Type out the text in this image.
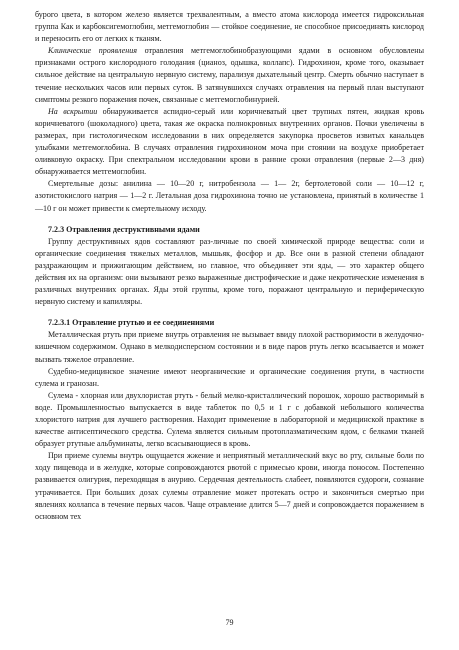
бурого цвета, в котором железо является трехвалентным, а вместо атома кислорода имеется гидроксильная группа Как и карбоксигемоглобин, метгемоглобин — стойкое соединение, не способное присоединять кислород и переносить его от легких к тканям.

Клинические проявления отравления метгемоглобинобразующими ядами в основном обусловлены признаками острого кислородного голодания (цианоз, одышка, коллапс). Гидрохинон, кроме того, оказывает сильное действие на центральную нервную систему, парализуя дыхательный центр. Смерть обычно наступает в течение нескольких часов или первых суток. В затянувшихся случаях отравления на первый план выступают симптомы резкого поражения почек, связанные с метгемоглобинурией.

На вскрытии обнаруживается аспидно-серый или коричневатый цвет трупных пятен, жидкая кровь коричневатого (шоколадного) цвета, такая же окраска полнокровных внутренних органов. Почки увеличены в размерах, при гистологическом исследовании в них определяется закупорка просветов извитых канальцев улыбками метгемоглобина. В случаях отравления гидрохиноном моча при стоянии на воздухе приобретает оливковую окраску. При спектральном исследовании крови в ранние сроки отравления (первые 2—3 дня) обнаруживается метгемоглобин.

Смертельные дозы: анилина — 10—20 г, нитробензола — 1— 2г, бертолетовой соли — 10—12 г, азотистокислого натрия — 1—2 г. Летальная доза гидрохинона точно не установлена, принятый в количестве 1—10 г он может привести к смертельному исходу.

7.2.3 Отравления деструктивными ядами

Группу деструктивных ядов составляют раз-личные по своей химической природе вещества: соли и органические соединения тяжелых металлов, мышьяк, фосфор и др. Все они в разной степени обладают раздражающим и прижигающим действием, но главное, что объединяет эти яды, — это характер общего действия их на организм: они вызывают резко выраженные дистрофические и даже некротические изменения в различных внутренних органах. Яды этой группы, кроме того, поражают центральную и периферическую нервную систему и капилляры.

7.2.3.1 Отравление ртутью и ее соединениями

Металлическая ртуть при приеме внутрь отравления не вызывает ввиду плохой растворимости в желудочно-кишечном содержимом. Однако в мелкодисперсном состоянии и в виде паров ртуть легко всасывается и может вызвать тяжелое отравление.

Судебно-медицинское значение имеют неорганические и органические соединения ртути, в частности сулема и гранозан.

Сулема - хлорная или двухлористая ртуть - белый мелко-кристаллический порошок, хорошо растворимый в воде. Промышленностью выпускается в виде таблеток по 0,5 и 1 г с добавкой небольшого количества хлористого натрия для лучшего растворения. Находит применение в лабораторной и медицинской практике в качестве антисептического средства. Сулема является сильным протоплазматическим ядом, с белками тканей образует ртутные альбуминаты, легко всасывающиеся в кровь.

При приеме сулемы внутрь ощущается жжение и неприятный металлический вкус во рту, сильные боли по ходу пищевода и в желудке, которые сопровождаются рвотой с примесью крови, иногда поносом. Постепенно развивается олигурия, переходящая в анурию. Сердечная деятельность слабеет, появляются судороги, сознание утрачивается. При больших дозах сулемы отравление может протекать остро и закончиться смертью при явлениях коллапса в течение первых часов. Чаще отравление длится 5—7 дней и сопровождается поражением в основном тех

79
